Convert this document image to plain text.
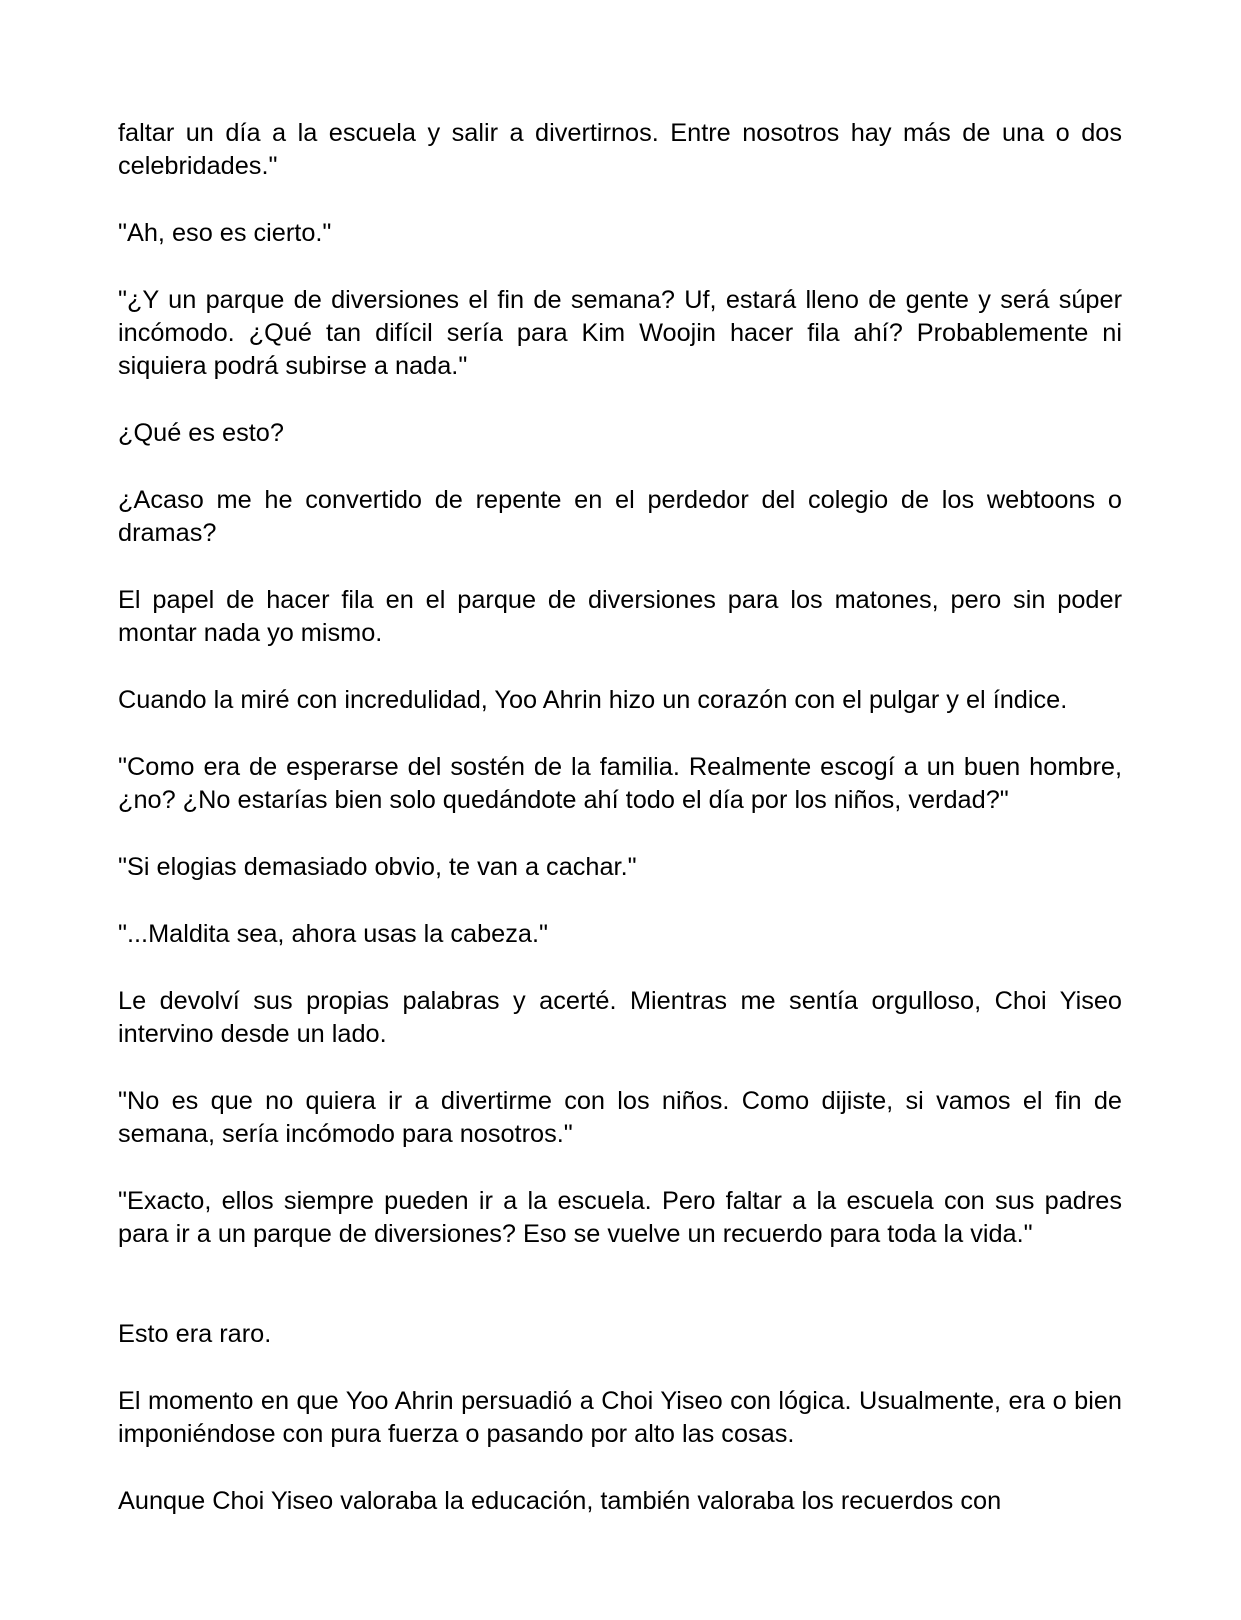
faltar un día a la escuela y salir a divertirnos. Entre nosotros hay más de una o dos celebridades."

"Ah, eso es cierto."

"¿Y un parque de diversiones el fin de semana? Uf, estará lleno de gente y será súper incómodo. ¿Qué tan difícil sería para Kim Woojin hacer fila ahí? Probablemente ni siquiera podrá subirse a nada."

¿Qué es esto?

¿Acaso me he convertido de repente en el perdedor del colegio de los webtoons o dramas?

El papel de hacer fila en el parque de diversiones para los matones, pero sin poder montar nada yo mismo.

Cuando la miré con incredulidad, Yoo Ahrin hizo un corazón con el pulgar y el índice.

"Como era de esperarse del sostén de la familia. Realmente escogí a un buen hombre, ¿no? ¿No estarías bien solo quedándote ahí todo el día por los niños, verdad?"

"Si elogias demasiado obvio, te van a cachar."

"...Maldita sea, ahora usas la cabeza."

Le devolví sus propias palabras y acerté. Mientras me sentía orgulloso, Choi Yiseo intervino desde un lado.

"No es que no quiera ir a divertirme con los niños. Como dijiste, si vamos el fin de semana, sería incómodo para nosotros."

"Exacto, ellos siempre pueden ir a la escuela. Pero faltar a la escuela con sus padres para ir a un parque de diversiones? Eso se vuelve un recuerdo para toda la vida."

Esto era raro.

El momento en que Yoo Ahrin persuadió a Choi Yiseo con lógica. Usualmente, era o bien imponiéndose con pura fuerza o pasando por alto las cosas.

Aunque Choi Yiseo valoraba la educación, también valoraba los recuerdos con
